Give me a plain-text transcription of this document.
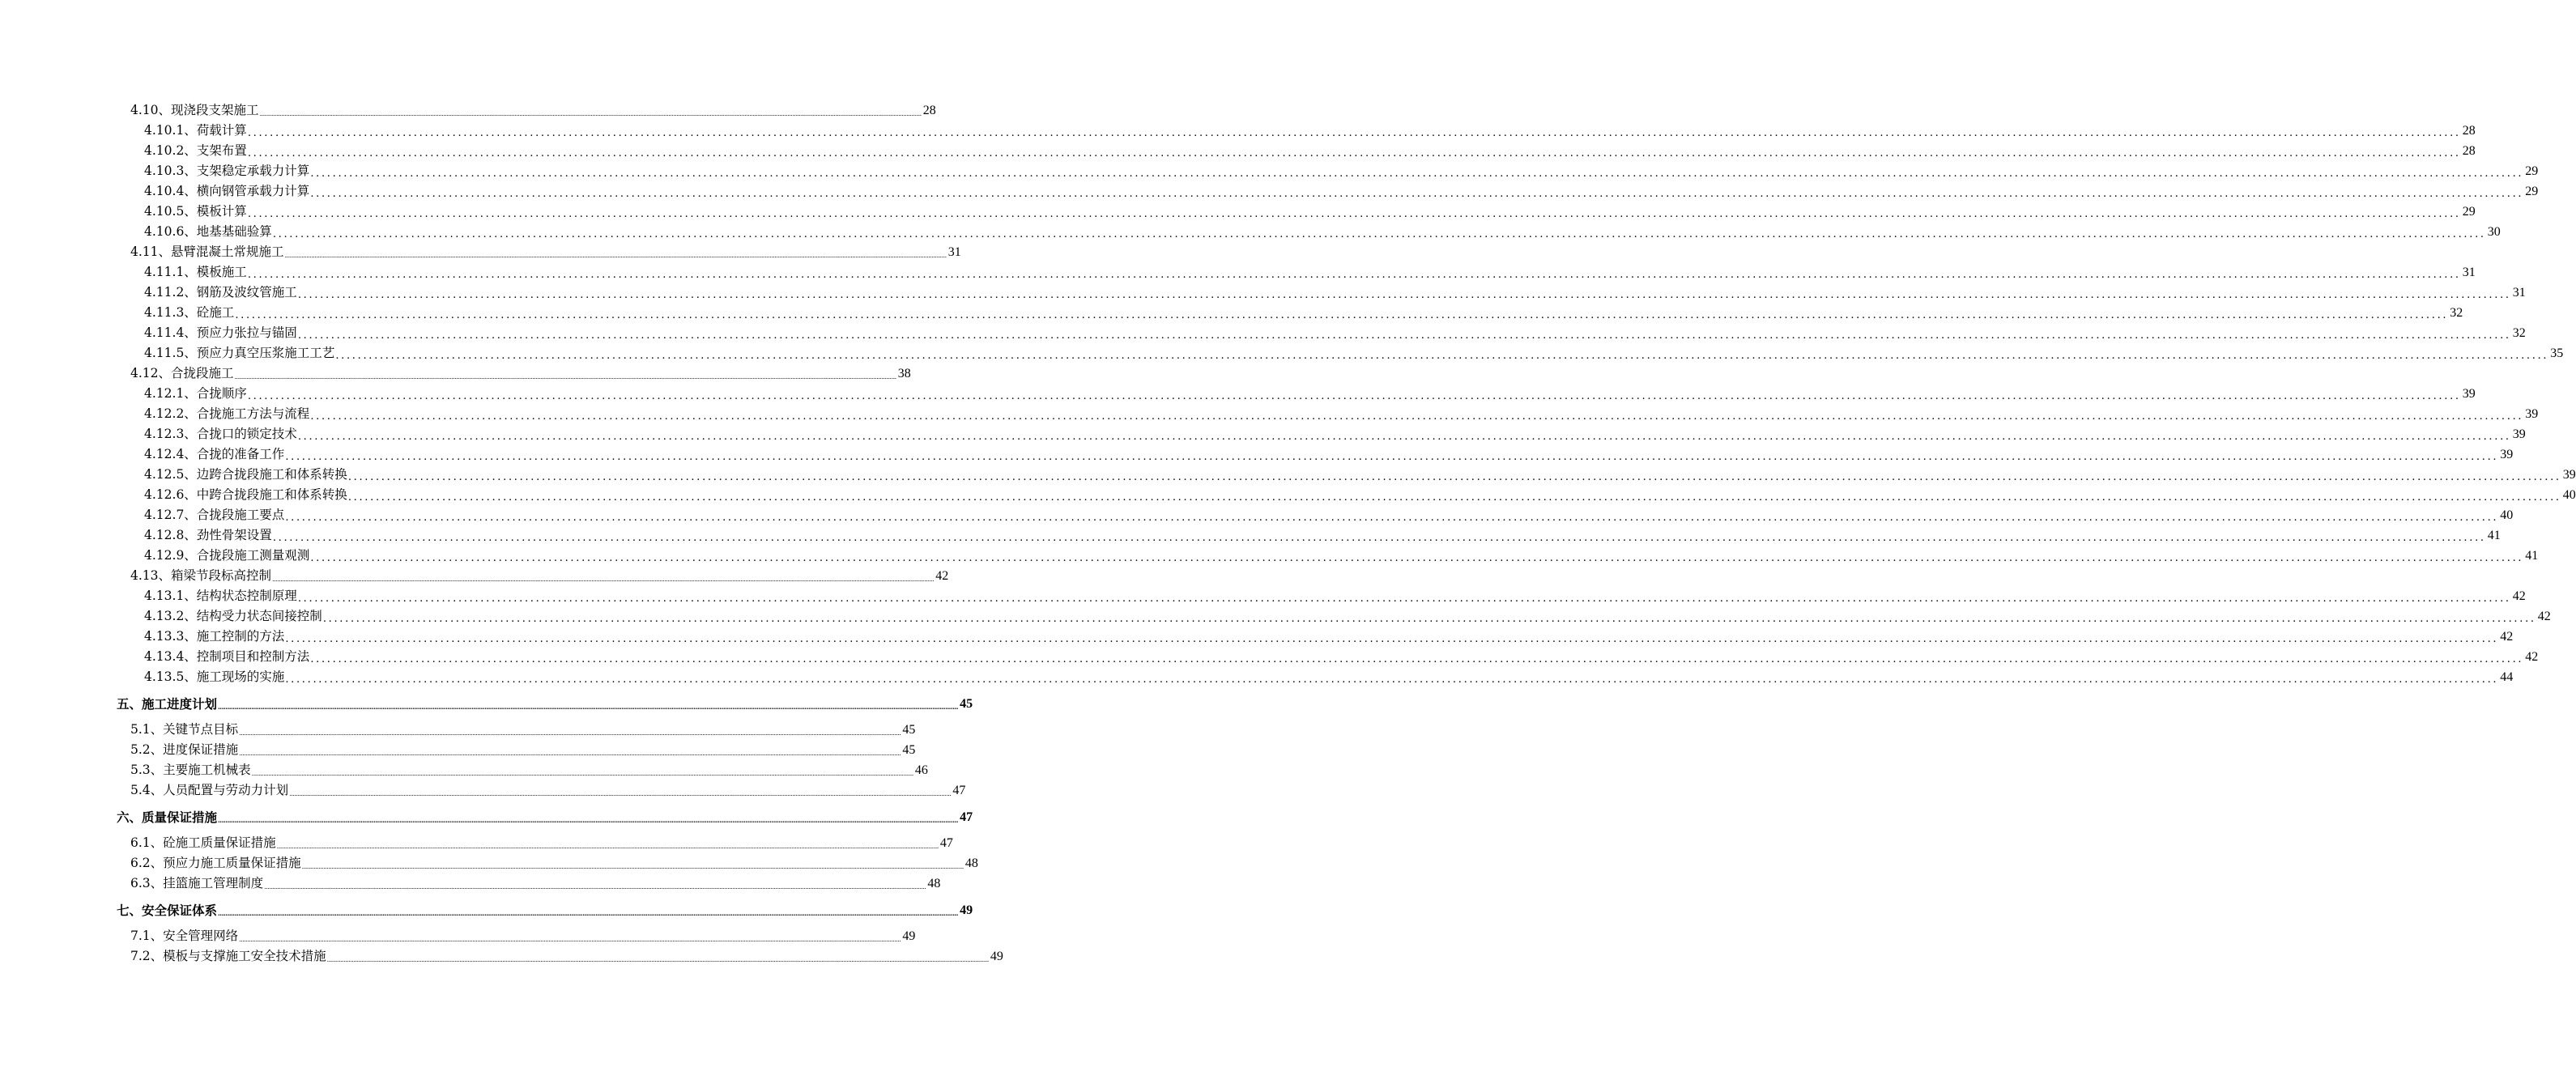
4.10、现浇段支架施工 ................................................................................................................................................................................................................................................................................................................................................................................................................ 28
4.10.1、荷载计算 ................................................................................................................................................................................................................................................................................................................................................................................................................ 28
4.10.2、支架布置 ................................................................................................................................................................................................................................................................................................................................................................................................................ 28
4.10.3、支架稳定承载力计算 ................................................................................................................................................................................................................................................................................................................................................................................................................ 29
4.10.4、横向钢管承载力计算 ................................................................................................................................................................................................................................................................................................................................................................................................................ 29
4.10.5、模板计算 ................................................................................................................................................................................................................................................................................................................................................................................................................ 29
4.10.6、地基基础验算 ................................................................................................................................................................................................................................................................................................................................................................................................................ 30
4.11、悬臂混凝土常规施工 ................................................................................................................................................................................................................................................................................................................................................................................................................ 31
4.11.1、模板施工 ................................................................................................................................................................................................................................................................................................................................................................................................................ 31
4.11.2、钢筋及波纹管施工 ................................................................................................................................................................................................................................................................................................................................................................................................................ 31
4.11.3、砼施工 ................................................................................................................................................................................................................................................................................................................................................................................................................ 32
4.11.4、预应力张拉与锚固 ................................................................................................................................................................................................................................................................................................................................................................................................................ 32
4.11.5、预应力真空压浆施工工艺 ................................................................................................................................................................................................................................................................................................................................................................................................................ 35
4.12、合拢段施工 ................................................................................................................................................................................................................................................................................................................................................................................................................ 38
4.12.1、合拢顺序 ................................................................................................................................................................................................................................................................................................................................................................................................................ 39
4.12.2、合拢施工方法与流程 ................................................................................................................................................................................................................................................................................................................................................................................................................ 39
4.12.3、合拢口的锁定技术 ................................................................................................................................................................................................................................................................................................................................................................................................................ 39
4.12.4、合拢的准备工作 ................................................................................................................................................................................................................................................................................................................................................................................................................ 39
4.12.5、边跨合拢段施工和体系转换 ................................................................................................................................................................................................................................................................................................................................................................................................................ 39
4.12.6、中跨合拢段施工和体系转换 ................................................................................................................................................................................................................................................................................................................................................................................................................ 40
4.12.7、合拢段施工要点 ................................................................................................................................................................................................................................................................................................................................................................................................................ 40
4.12.8、劲性骨架设置 ................................................................................................................................................................................................................................................................................................................................................................................................................ 41
4.12.9、合拢段施工测量观测 ................................................................................................................................................................................................................................................................................................................................................................................................................ 41
4.13、箱梁节段标高控制 ................................................................................................................................................................................................................................................................................................................................................................................................................ 42
4.13.1、结构状态控制原理 ................................................................................................................................................................................................................................................................................................................................................................................................................ 42
4.13.2、结构受力状态间接控制 ................................................................................................................................................................................................................................................................................................................................................................................................................ 42
4.13.3、施工控制的方法 ................................................................................................................................................................................................................................................................................................................................................................................................................ 42
4.13.4、控制项目和控制方法 ................................................................................................................................................................................................................................................................................................................................................................................................................ 42
4.13.5、施工现场的实施 ................................................................................................................................................................................................................................................................................................................................................................................................................ 44
五、施工进度计划 ................................................................................................................................................................................................................................................................................................................................................................................................................ 45
5.1、关键节点目标 ................................................................................................................................................................................................................................................................................................................................................................................................................ 45
5.2、进度保证措施 ................................................................................................................................................................................................................................................................................................................................................................................................................ 45
5.3、主要施工机械表 ................................................................................................................................................................................................................................................................................................................................................................................................................ 46
5.4、人员配置与劳动力计划 ................................................................................................................................................................................................................................................................................................................................................................................................................ 47
六、质量保证措施 ................................................................................................................................................................................................................................................................................................................................................................................................................ 47
6.1、砼施工质量保证措施 ................................................................................................................................................................................................................................................................................................................................................................................................................ 47
6.2、预应力施工质量保证措施 ................................................................................................................................................................................................................................................................................................................................................................................................................ 48
6.3、挂篮施工管理制度 ................................................................................................................................................................................................................................................................................................................................................................................................................ 48
七、安全保证体系 ................................................................................................................................................................................................................................................................................................................................................................................................................ 49
7.1、安全管理网络 ................................................................................................................................................................................................................................................................................................................................................................................................................ 49
7.2、模板与支撑施工安全技术措施 ................................................................................................................................................................................................................................................................................................................................................................................................................ 49
